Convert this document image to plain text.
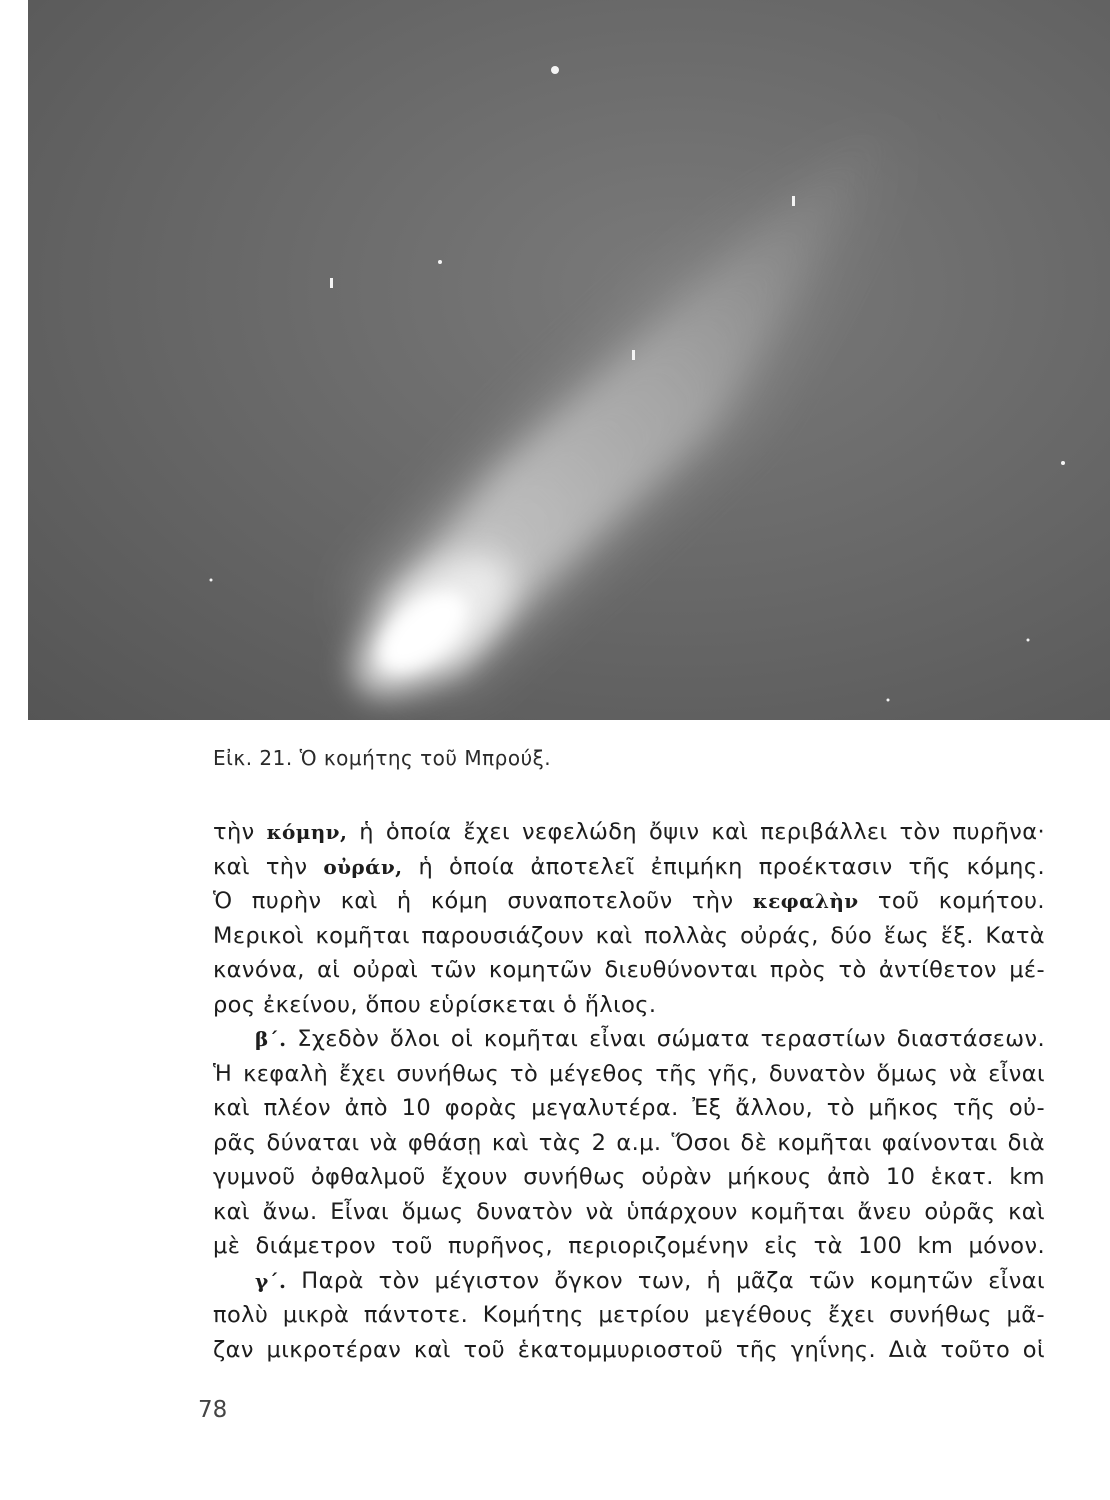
Εἰκ. 21. Ὁ κομήτης τοῦ Μπρούξ.
τὴν κόμην, ἡ ὁποία ἔχει νεφελώδη ὄψιν καὶ περιβάλλει τὸν πυρῆνα·
καὶ τὴν οὐράν, ἡ ὁποία ἀποτελεῖ ἐπιμήκη προέκτασιν τῆς κόμης.
Ὁ πυρὴν καὶ ἡ κόμη συναποτελοῦν τὴν κεφαλὴν τοῦ κομήτου.
Μερικοὶ κομῆται παρουσιάζουν καὶ πολλὰς οὐράς, δύο ἕως ἕξ. Κατὰ
κανόνα, αἱ οὐραὶ τῶν κομητῶν διευθύνονται πρὸς τὸ ἀντίθετον μέ-
ρος ἐκείνου, ὅπου εὑρίσκεται ὁ ἥλιος.
β΄. Σχεδὸν ὅλοι οἱ κομῆται εἶναι σώματα τεραστίων διαστάσεων.
Ἡ κεφαλὴ ἔχει συνήθως τὸ μέγεθος τῆς γῆς, δυνατὸν ὅμως νὰ εἶναι
καὶ πλέον ἀπὸ 10 φορὰς μεγαλυτέρα. Ἐξ ἄλλου, τὸ μῆκος τῆς οὐ-
ρᾶς δύναται νὰ φθάσῃ καὶ τὰς 2 α.μ. Ὅσοι δὲ κομῆται φαίνονται διὰ
γυμνοῦ ὀφθαλμοῦ ἔχουν συνήθως οὐρὰν μήκους ἀπὸ 10 ἑκατ. km
καὶ ἄνω. Εἶναι ὅμως δυνατὸν νὰ ὑπάρχουν κομῆται ἄνευ οὐρᾶς καὶ
μὲ διάμετρον τοῦ πυρῆνος, περιοριζομένην εἰς τὰ 100 km μόνον.
γ΄. Παρὰ τὸν μέγιστον ὄγκον των, ἡ μᾶζα τῶν κομητῶν εἶναι
πολὺ μικρὰ πάντοτε. Κομήτης μετρίου μεγέθους ἔχει συνήθως μᾶ-
ζαν μικροτέραν καὶ τοῦ ἑκατομμυριοστοῦ τῆς γηΐνης. Διὰ τοῦτο οἱ
78
